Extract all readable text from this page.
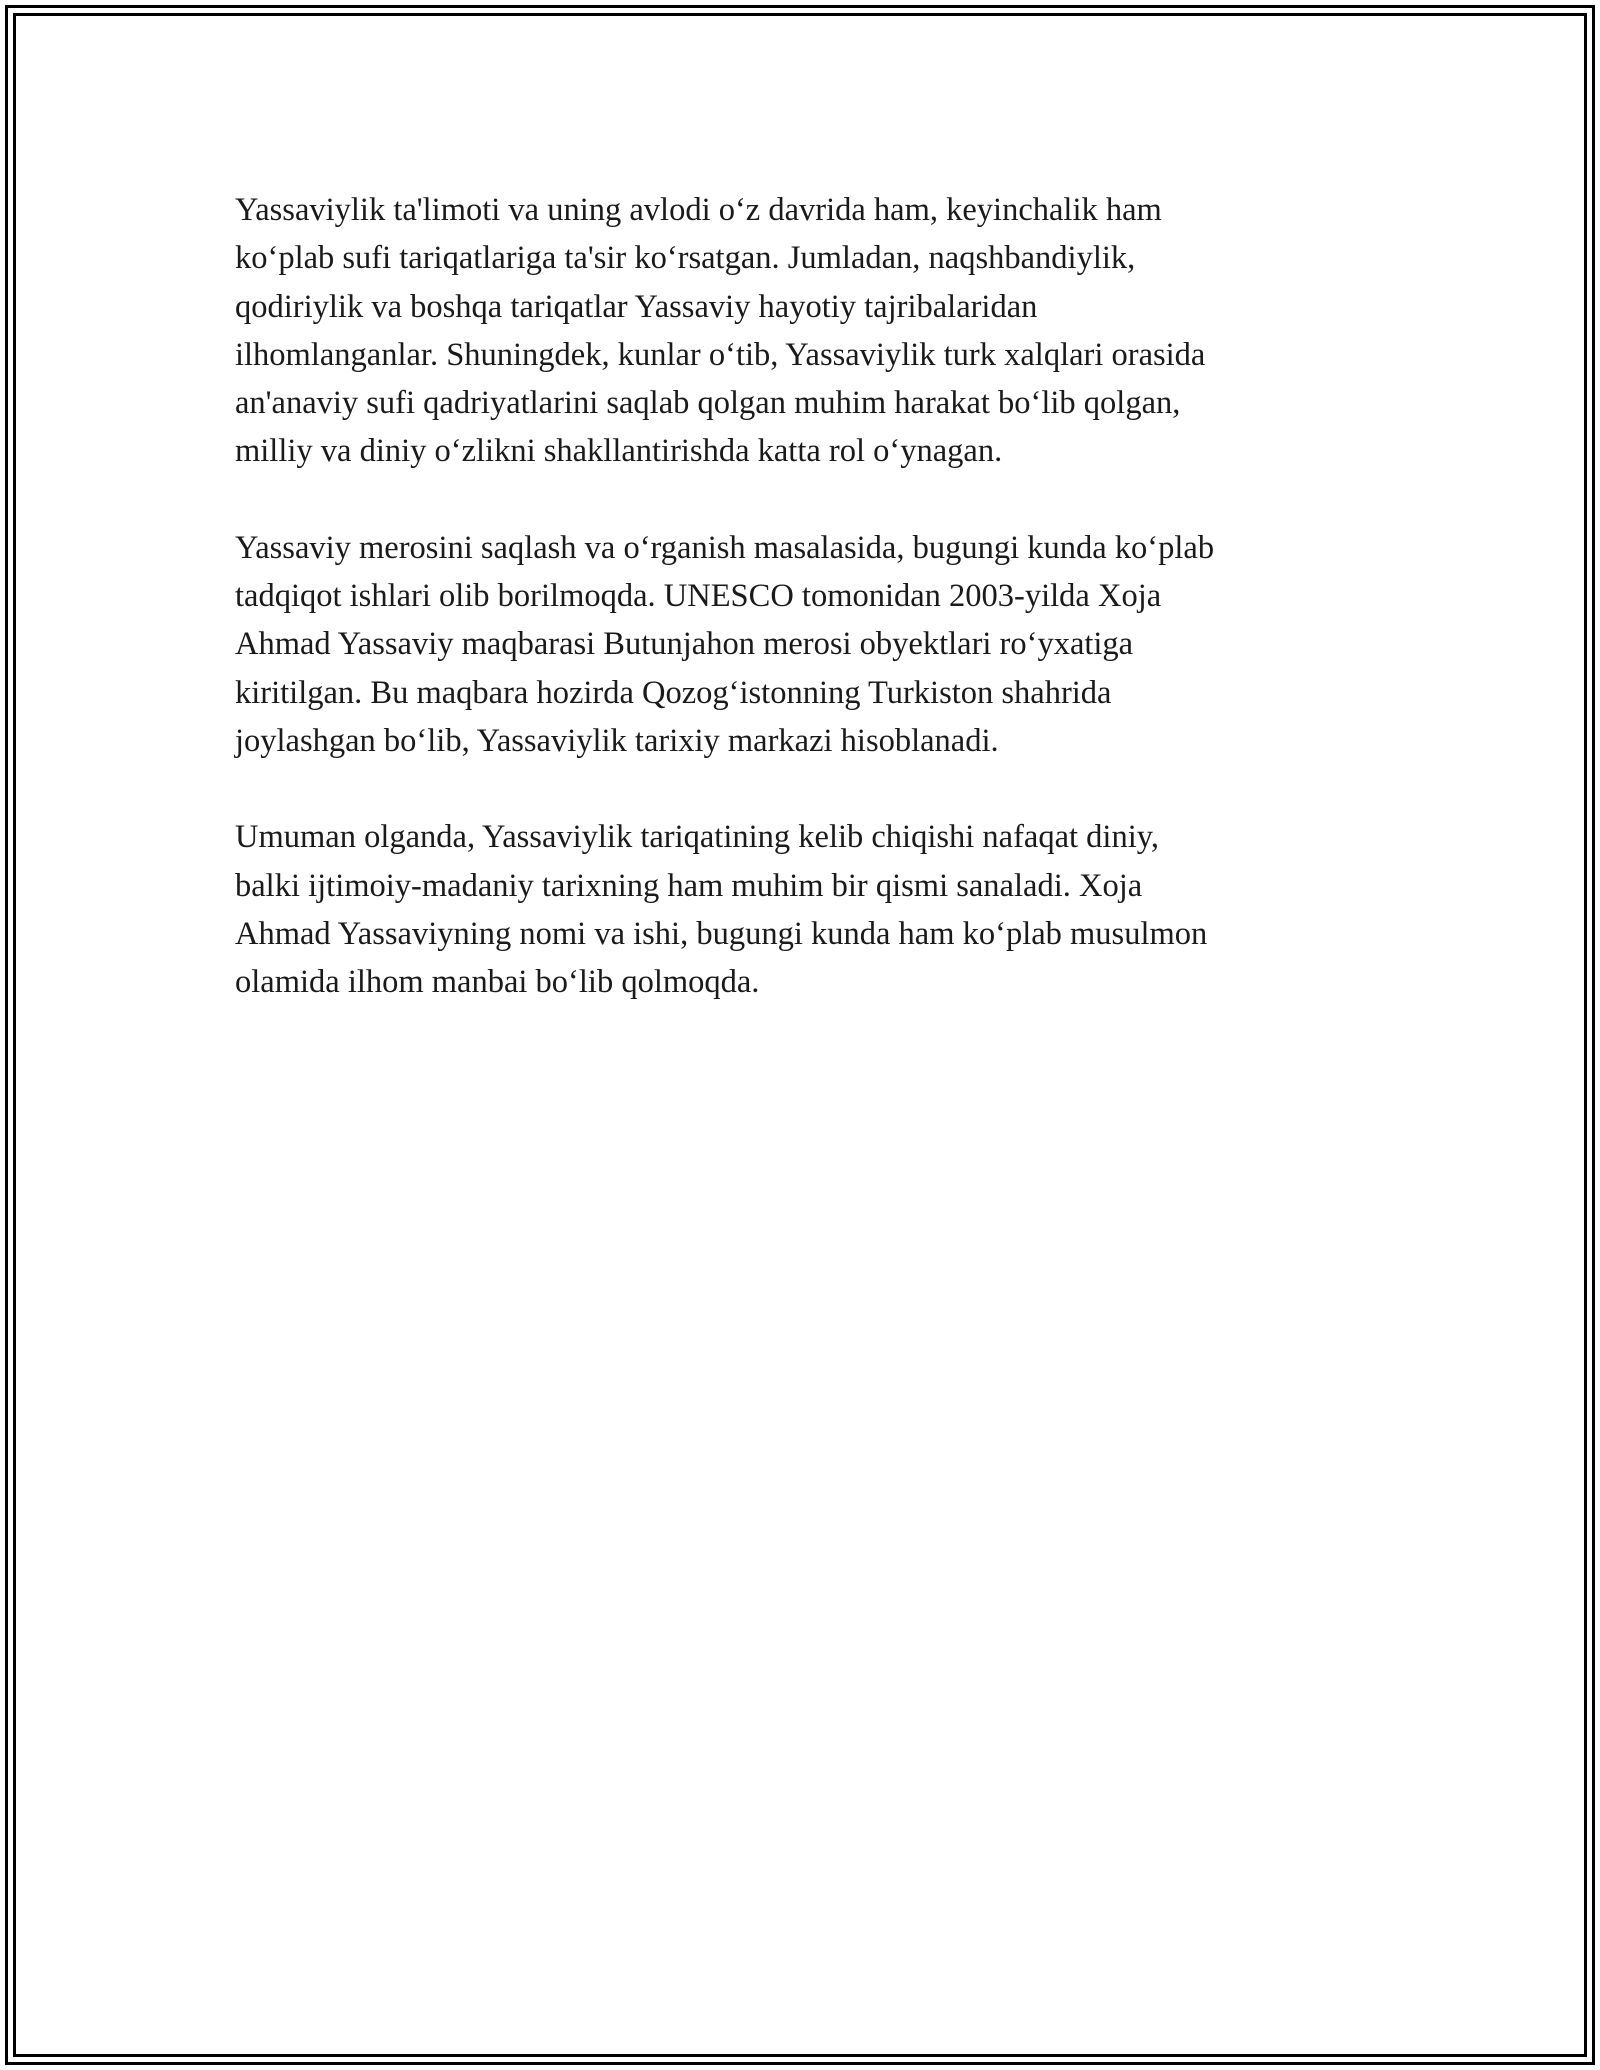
Yassaviylik ta'limoti va uning avlodi o‘z davrida ham, keyinchalik ham
ko‘plab sufi tariqatlariga ta'sir ko‘rsatgan. Jumladan, naqshbandiylik,
qodiriylik va boshqa tariqatlar Yassaviy hayotiy tajribalaridan
ilhomlanganlar. Shuningdek, kunlar o‘tib, Yassaviylik turk xalqlari orasida
an'anaviy sufi qadriyatlarini saqlab qolgan muhim harakat bo‘lib qolgan,
milliy va diniy o‘zlikni shakllantirishda katta rol o‘ynagan.

Yassaviy merosini saqlash va o‘rganish masalasida, bugungi kunda ko‘plab
tadqiqot ishlari olib borilmoqda. UNESCO tomonidan 2003-yilda Xoja
Ahmad Yassaviy maqbarasi Butunjahon merosi obyektlari ro‘yxatiga
kiritilgan. Bu maqbara hozirda Qozog‘istonning Turkiston shahrida
joylashgan bo‘lib, Yassaviylik tarixiy markazi hisoblanadi.

Umuman olganda, Yassaviylik tariqatining kelib chiqishi nafaqat diniy,
balki ijtimoiy-madaniy tarixning ham muhim bir qismi sanaladi. Xoja
Ahmad Yassaviyning nomi va ishi, bugungi kunda ham ko‘plab musulmon
olamida ilhom manbai bo‘lib qolmoqda.
